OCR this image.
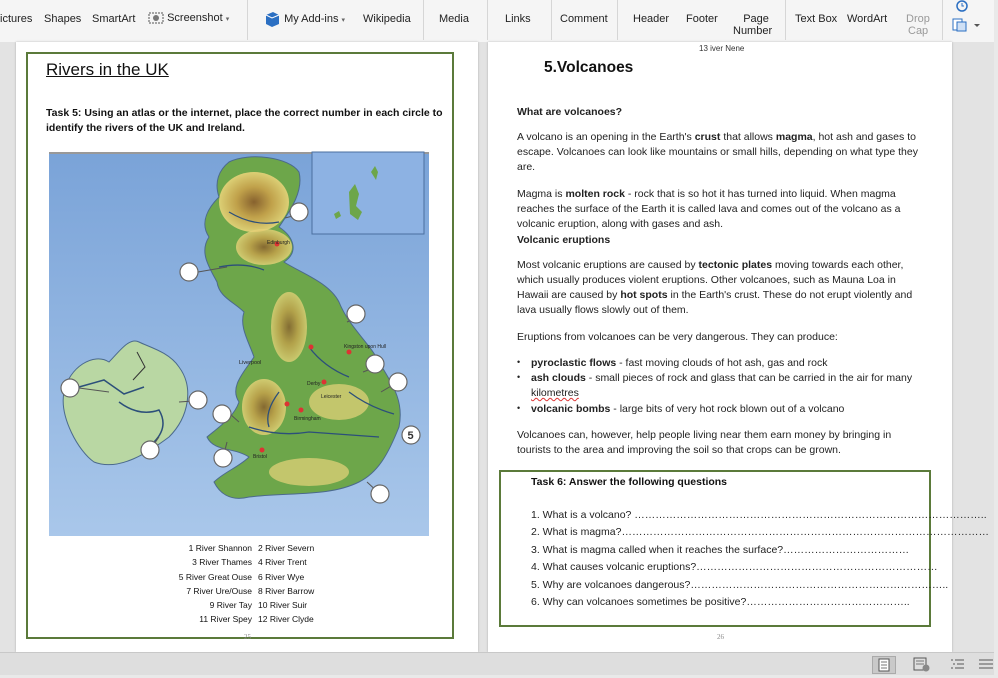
ictures Shapes SmartArt	Screenshot ▾	My Add-ins ▾ Wikipedia	Media	Links	Comment Header Footer Page
Number
Text Box WordArt Drop
Cap
Rivers in the UK
Task 5: Using an atlas or the internet, place the correct number in each circle to identify the rivers of the UK and Ireland.
Edinburgh
Liverpool
Kingston upon Hull
Derby
Leicester
Birmingham
Bristol
5
1 River Shannon 2 River Severn
3 River Thames 4 River Trent
5 River Great Ouse 6 River Wye
7 River Ure/Ouse 8 River Barrow
9 River Tay 10 River Suir
11 River Spey 12 River Clyde
25
13 iver Nene
5.Volcanoes
What are volcanoes?
A volcano is an opening in the Earth's crust that allows magma, hot ash and gases to escape. Volcanoes can look like mountains or small hills, depending on what type they are.
Magma is molten rock - rock that is so hot it has turned into liquid. When magma reaches the surface of the Earth it is called lava and comes out of the volcano as a volcanic eruption, along with gases and ash.
Volcanic eruptions
Most volcanic eruptions are caused by tectonic plates moving towards each other, which usually produces violent eruptions. Other volcanoes, such as Mauna Loa in Hawaii are caused by hot spots in the Earth's crust. These do not erupt violently and lava usually flows slowly out of them.
Eruptions from volcanoes can be very dangerous. They can produce:
• pyroclastic flows - fast moving clouds of hot ash, gas and rock
• ash clouds - small pieces of rock and glass that can be carried in the air for many kilometres
• volcanic bombs - large bits of very hot rock blown out of a volcano
Volcanoes can, however, help people living near them earn money by bringing in tourists to the area and improving the soil so that crops can be grown.
Task 6: Answer the following questions
1. What is a volcano? ………………………………………………………………………………………..
2. What is magma?……………………………………………………………………………………………
3. What is magma called when it reaches the surface?………………………………
4. What causes volcanic eruptions?……………………………………………………………
5. Why are volcanoes dangerous?………………………………………………………………..
6. Why can volcanoes sometimes be positive?………………………………………..
26
